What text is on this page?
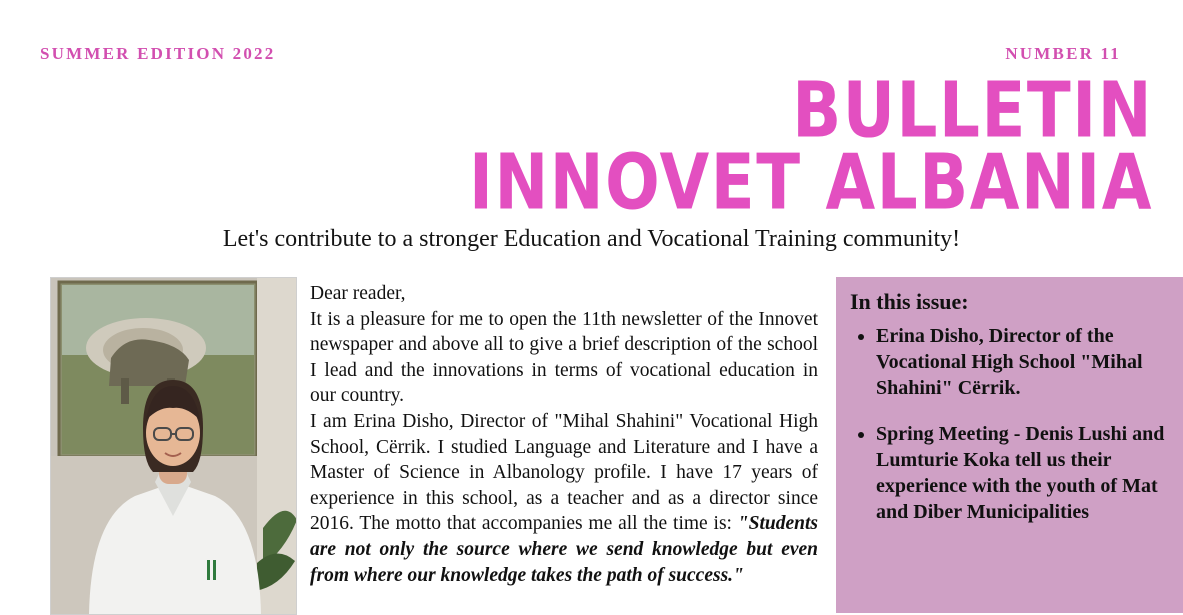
SUMMER EDITION 2022	NUMBER 11
BULLETIN
INNOVET ALBANIA
Let's contribute to a stronger Education and Vocational Training community!

Dear reader,

It is a pleasure for me to open the 11th newsletter of the Innovet newspaper and above all to give a brief description of the school I lead and the innovations in terms of vocational education in our country.

I am Erina Disho, Director of "Mihal Shahini" Vocational High School, Cërrik. I studied Language and Literature and I have a Master of Science in Albanology profile. I have 17 years of experience in this school, as a teacher and as a director since 2016. The motto that accompanies me all the time is: "Students are not only the source where we send knowledge but even from where our knowledge takes the path of success."

In this issue:
• Erina Disho, Director of the Vocational High School "Mihal Shahini" Cërrik.
• Spring Meeting - Denis Lushi and Lumturie Koka tell us their experience with the youth of Mat and Diber Municipalities
